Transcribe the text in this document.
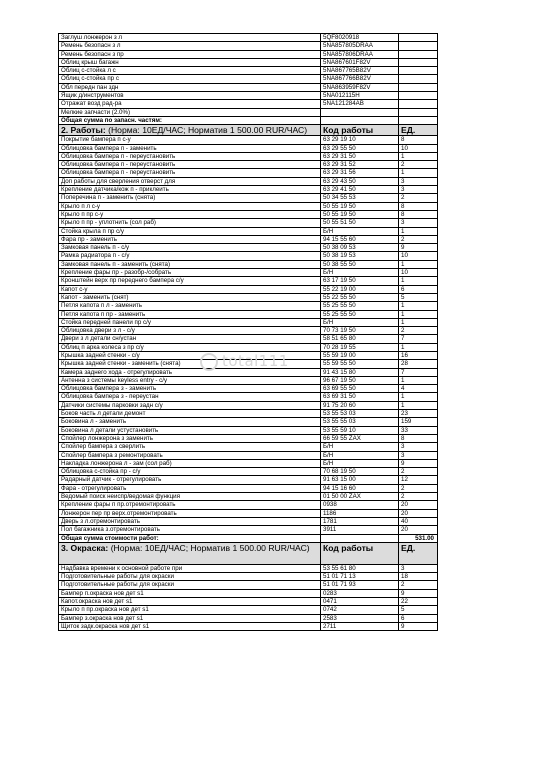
Заглуш лонжерон з л	5QF8020918	
Ремень безопасн з л	5NA857805DRAA	
Ремень безопасн з пр	5NA857806DRAA	
Облиц крыш багажн	5NA867601F82V	
Облиц с-стойка л с	5NA867765B82V	
Облиц с-стойка пр с	5NA867766B82V	
Обл передн пан здн	5NA863959F82V	
Ящик д/инструментов	5NA012115H	
Отражат возд рад-ра	5NA121284AB	
Мелкие запчасти (2.0%)		
Общая сумма по запасн. частям:		
2. Работы: (Норма: 10ЕД/ЧАС; Норматив 1 500.00 RUR/ЧАС)	Код работы	ЕД.
Покрытие бампера п с-у	63 29 19 10	8
Облицовка бампера п - заменить	63 29 55 50	10
Облицовка бампера п - переустановить	63 29 31 50	1
Облицовка бампера п - переустановить	63 29 31 52	2
Облицовка бампера п - переустановить	63 29 31 56	1
Доп работы для сверления отверст для	63 29 43 50	3
Крепление датчика/кож п - приклеить	63 29 41 50	3
Поперечина п - заменить (снята)	50 34 55 53	2
Крыло п л с-у	50 55 19 50	8
Крыло п пр с-у	50 55 19 50	8
Крыло п пр - уплотнить (сол раб)	50 55 51 50	3
Стойка крыла п пр с/у	Б/Н	1
Фара пр - заменить	94 15 55 60	2
Замковая панель п - с/у	50 38 09 53	9
Рамка радиатора п - с/у	50 38 19 53	10
Замковая панель п - заменить (снята)	50 38 55 50	1
Крепление фары пр - разобр-/собрать	Б/Н	10
Кронштейн верх пр переднего бампера с/у	63 17 19 50	1
Капот с-у	55 22 19 00	6
Капот - заменить (снят)	55 22 55 50	5
Петля капота п л - заменить	55 25 55 50	1
Петля капота п пр - заменить	55 25 55 50	1
Стойка передней панели пр с/у	Б/Н	1
Облицовка двери з л - с/у	70 73 19 50	2
Двери з л детали сн/устан	58 51 65 80	7
Облиц п арка колеса з пр с/у	70 28 19 55	1
Крышка задней стенки - с/у	55 59 19 00	16
Крышка задней стенки - заменить (снята)	55 59 55 50	28
Камера заднего хода - отрегулировать	91 43 15 80	7
Антенна з системы keyless entry - с/у	96 67 19 50	1
Облицовка бампера з - заменить	63 69 55 50	4
Облицовка бампера з - переустан	63 69 31 50	1
Датчики системы парковки задн с/у	91 75 20 60	1
Боков часть л детали демонт	53 55 53 03	23
Боковина л - заменить	53 55 55 03	159
Боковина л детали уcтустановить	53 55 59 10	33
Спойлер лонжерона з заменить	66 59 55 ZAX	8
Спойлер бампера з сверлить	Б/Н	3
Спойлер бампера з ремонтировать	Б/Н	3
Накладка лонжерона л - зам (сол раб)	Б/Н	9
Облицовка с-стойка пр - с/у	70 68 19 50	2
Радарный датчик - отрегулировать	91 63 15 00	12
Фара - отрегулировать	94 15 16 60	2
Ведомый поиск неиспр/ведомая функция	01 50 00 ZAX	2
Крепление фары п пр.отремонтировать	0938	20
Лонжерон пер пр верх.отремонтировать	1186	20
Дверь з л.отремонтировать	1781	40
Пол багажника з.отремонтировать	3911	20
Общая сумма стоимости работ:		531.00
3. Окраска: (Норма: 10ЕД/ЧАС; Норматив 1 500.00 RUR/ЧАС)	Код работы	ЕД.
Надбавка времени к основной работе при	53 55 61 80	3
Подготовительные работы для окраски	51 01 71 13	18
Подготовительные работы для окраски	51 01 71 93	2
Бампер п.окраска нов дет s1	0283	9
Капот.окраска нов дет s1	0471	22
Крыло п пр.окраска нов дет s1	0742	5
Бампер з.окраска нов дет s1	2583	6
Щиток задк.окраска нов дет s1	2711	9
total111
